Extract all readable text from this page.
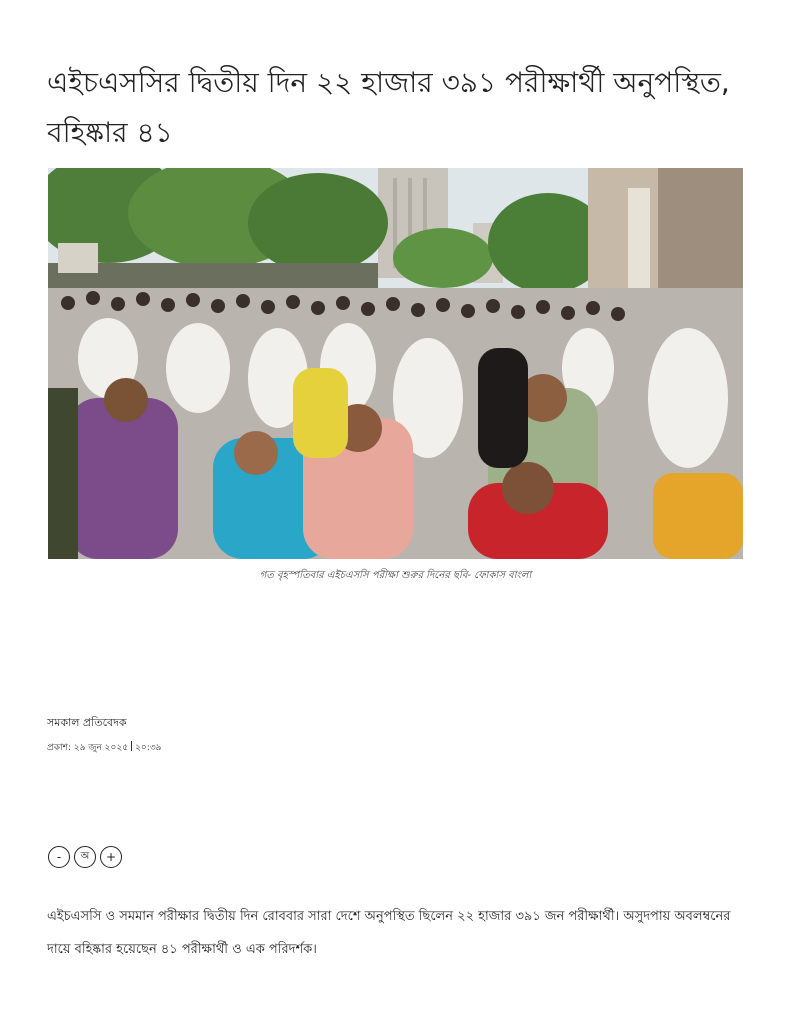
এইচএসসির দ্বিতীয় দিন ২২ হাজার ৩৯১ পরীক্ষার্থী অনুপস্থিত, বহিষ্কার ৪১
গত বৃহস্পতিবার এইচএসসি পরীক্ষা শুরুর দিনের ছবি- ফোকাস বাংলা
সমকাল প্রতিবেদক
প্রকাশ: ২৯ জুন ২০২৫ ২০:৩৯
- অ +

এইচএসসি ও সমমান পরীক্ষার দ্বিতীয় দিন রোববার সারা দেশে অনুপস্থিত ছিলেন ২২ হাজার ৩৯১ জন পরীক্ষার্থী। অসুদপায় অবলম্বনের দায়ে বহিষ্কার হয়েছেন ৪১ পরীক্ষার্থী ও এক পরিদর্শক।
